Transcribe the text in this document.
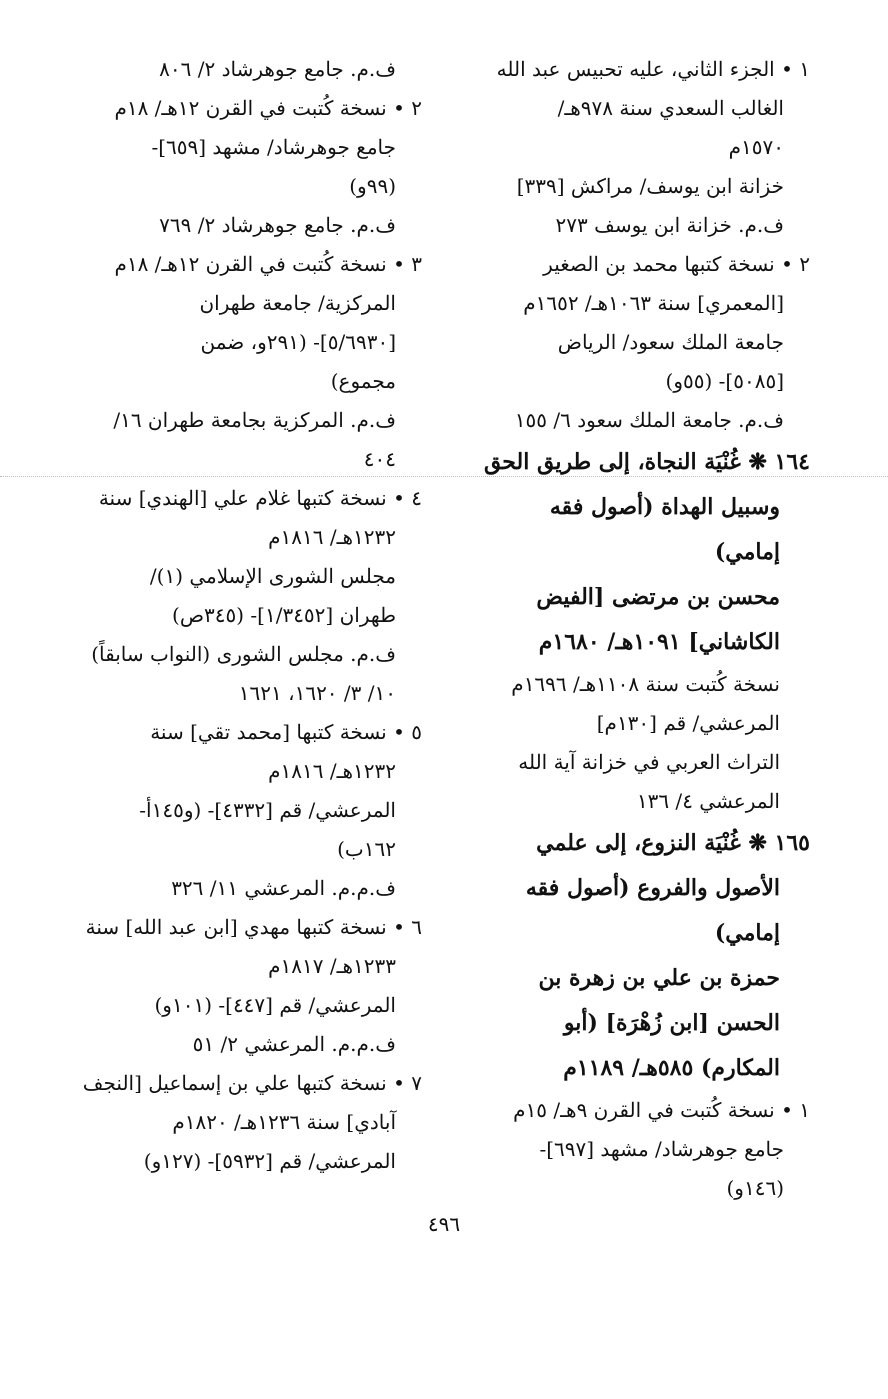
١ • الجزء الثاني، عليه تحبيس عبد الله
الغالب السعدي سنة ٩٧٨هـ/
١٥٧٠م
خزانة ابن يوسف/ مراكش [٣٣٩]
ف.م. خزانة ابن يوسف ٢٧٣
٢ • نسخة كتبها محمد بن الصغير
[المعمري] سنة ١٠٦٣هـ/ ١٦٥٢م
جامعة الملك سعود/ الرياض
[٥٠٨٥]- (٥٥و)
ف.م. جامعة الملك سعود ٦/ ١٥٥
١٦٤ ❋ غُنْيَة النجاة، إلى طريق الحق
وسبيل الهداة (أصول فقه
إمامي)
محسن بن مرتضى [الفيض
الكاشاني] ١٠٩١هـ/ ١٦٨٠م
نسخة كُتبت سنة ١١٠٨هـ/ ١٦٩٦م
المرعشي/ قم [١٣٠م]
التراث العربي في خزانة آية الله
المرعشي ٤/ ١٣٦
١٦٥ ❋ غُنْيَة النزوع، إلى علمي
الأصول والفروع (أصول فقه
إمامي)
حمزة بن علي بن زهرة بن
الحسن [ابن زُهْرَة] (أبو
المكارم) ٥٨٥هـ/ ١١٨٩م
١ • نسخة كُتبت في القرن ٩هـ/ ١٥م
جامع جوهرشاد/ مشهد [٦٩٧]-
(١٤٦و)
ف.م. جامع جوهرشاد ٢/ ٨٠٦
٢ • نسخة كُتبت في القرن ١٢هـ/ ١٨م
جامع جوهرشاد/ مشهد [٦٥٩]-
(٩٩و)
ف.م. جامع جوهرشاد ٢/ ٧٦٩
٣ • نسخة كُتبت في القرن ١٢هـ/ ١٨م
المركزية/ جامعة طهران
[٥/٦٩٣٠]- (٢٩١و، ضمن
مجموع)
ف.م. المركزية بجامعة طهران ١٦/
٤٠٤
٤ • نسخة كتبها غلام علي [الهندي] سنة
١٢٣٢هـ/ ١٨١٦م
مجلس الشورى الإسلامي (١)/
طهران [١/٣٤٥٢]- (٣٤٥ص)
ف.م. مجلس الشورى (النواب سابقاً)
١٠/ ٣/ ١٦٢٠، ١٦٢١
٥ • نسخة كتبها [محمد تقي] سنة
١٢٣٢هـ/ ١٨١٦م
المرعشي/ قم [٤٣٣٢]- (و١٤٥أ-
١٦٢ب)
ف.م.م. المرعشي ١١/ ٣٢٦
٦ • نسخة كتبها مهدي [ابن عبد الله] سنة
١٢٣٣هـ/ ١٨١٧م
المرعشي/ قم [٤٤٧]- (١٠١و)
ف.م.م. المرعشي ٢/ ٥١
٧ • نسخة كتبها علي بن إسماعيل [النجف
آبادي] سنة ١٢٣٦هـ/ ١٨٢٠م
المرعشي/ قم [٥٩٣٢]- (١٢٧و)
٤٩٦
